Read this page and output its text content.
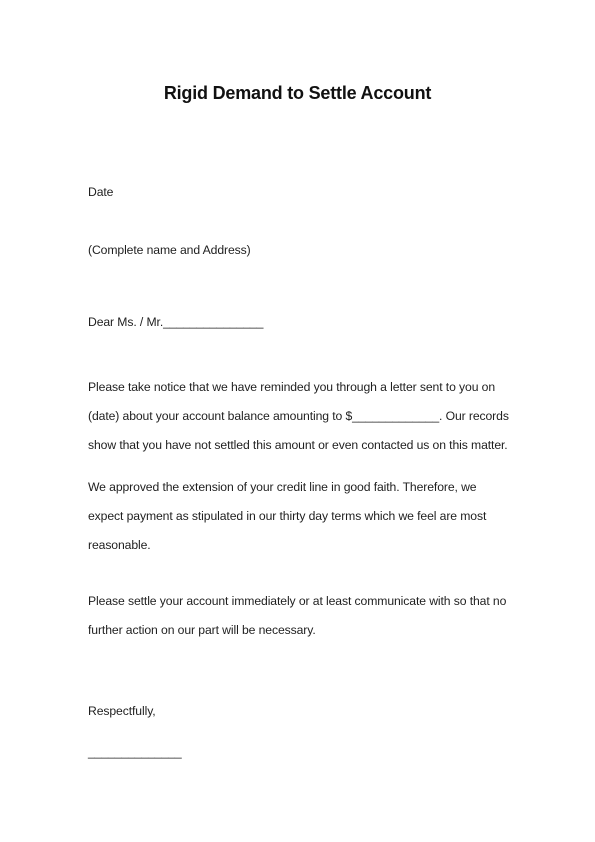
Rigid Demand to Settle Account
Date
(Complete name and Address)
Dear Ms. / Mr._______________
Please take notice that we have reminded you through a letter sent to you on
(date) about your account balance amounting to $_____________. Our records
show that you have not settled this amount or even contacted us on this matter.
We approved the extension of your credit line in good faith. Therefore, we
expect payment as stipulated in our thirty day terms which we feel are most
reasonable.
Please settle your account immediately or at least communicate with so that no
further action on our part will be necessary.
Respectfully,
______________
